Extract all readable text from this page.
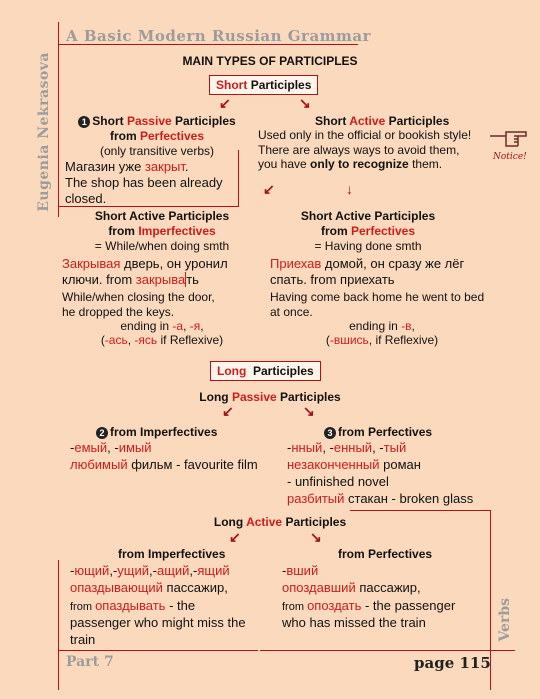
A Basic Modern Russian Grammar
Eugenia Nekrasova
Verbs
Part 7	page 115
MAIN TYPES OF PARTICIPLES
Short Participles
↙	↘
1 Short Passive Participles
from Perfectives
(only transitive verbs)
Магазин уже закрыт.
The shop has been already
closed.
Short Active Participles
Used only in the official or bookish style!
There are always ways to avoid them,
you have only to recognize them.	Notice!
↙	↓
Short Active Participles
from Imperfectives
= While/when doing smth
Закрывая дверь, он уронил
ключи. from закрывать
While/when closing the door,
he dropped the keys.
ending in -а, -я,
(-ась, -ясь if Reflexive)
Short Active Participles
from Perfectives
= Having done smth
Приехав домой, он сразу же лёг
спать. from приехать
Having come back home he went to bed
at once.
ending in -в,
(-вшись, if Reflexive)
Long Participles
Long Passive Participles
↙	↘
2 from Imperfectives
-емый, -имый
любимый фильм - favourite film
3 from Perfectives
-нный, -енный, -тый
незаконченный роман
- unfinished novel
разбитый стакан - broken glass
Long Active Participles
↙	↘
from Imperfectives
-ющий,-ущий,-ащий,-ящий
опаздывающий пассажир,
from опаздывать - the
passenger who might miss the
train
from Perfectives
-вший
опоздавший пассажир,
from опоздать - the passenger
who has missed the train
